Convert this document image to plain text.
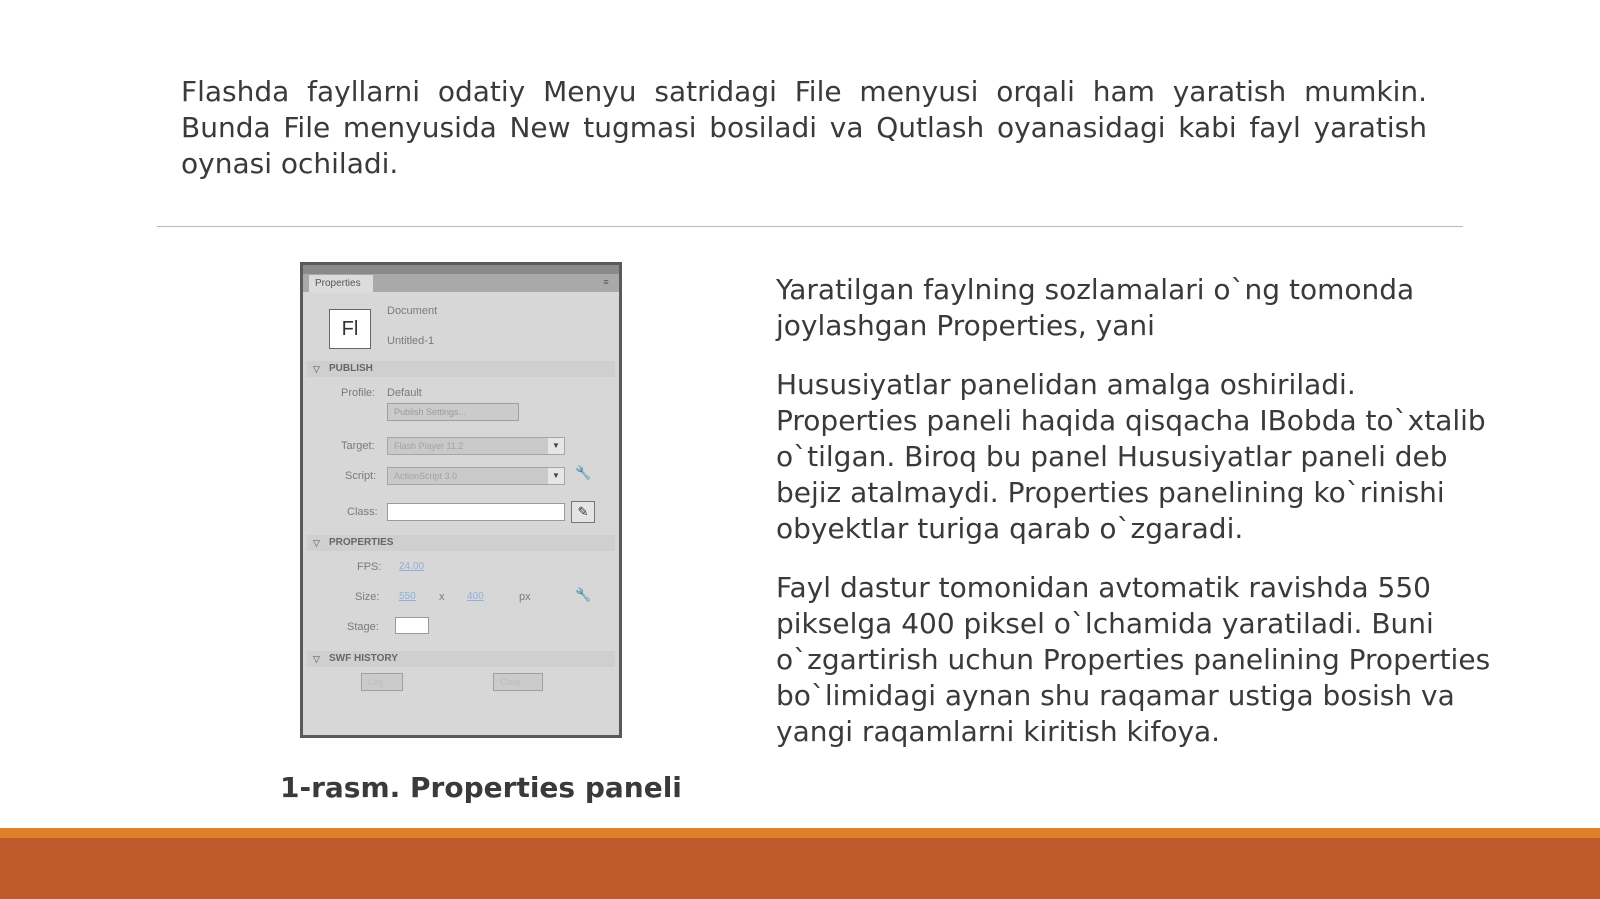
Flashda fayllarni odatiy Menyu satridagi File menyusi orqali ham yaratish mumkin. Bunda File menyusida New tugmasi bosiladi va Qutlash oyanasidagi kabi fayl yaratish oynasi ochiladi.

Properties	≡
Fl
Document
Untitled-1
▽ PUBLISH
Profile: Default
Publish Settings...
Target:	Flash Player 11.2	▼
Script:	ActionScript 3.0	▼	🔧
Class:	✎
▽ PROPERTIES
FPS: 24.00
Size: 550 x 400	px	🔧
Stage:
▽ SWF HISTORY
Log	Clear
1-rasm. Properties paneli

Yaratilgan faylning sozlamalari o`ng tomonda joylashgan Properties, yani

Hususiyatlar panelidan amalga oshiriladi. Properties paneli haqida qisqacha IBobda to`xtalib o`tilgan. Biroq bu panel Hususiyatlar paneli deb bejiz atalmaydi. Properties panelining ko`rinishi obyektlar turiga qarab o`zgaradi.

Fayl dastur tomonidan avtomatik ravishda 550 pikselga 400 piksel o`lchamida yaratiladi. Buni o`zgartirish uchun Properties panelining Properties bo`limidagi aynan shu raqamar ustiga bosish va yangi raqamlarni kiritish kifoya.
